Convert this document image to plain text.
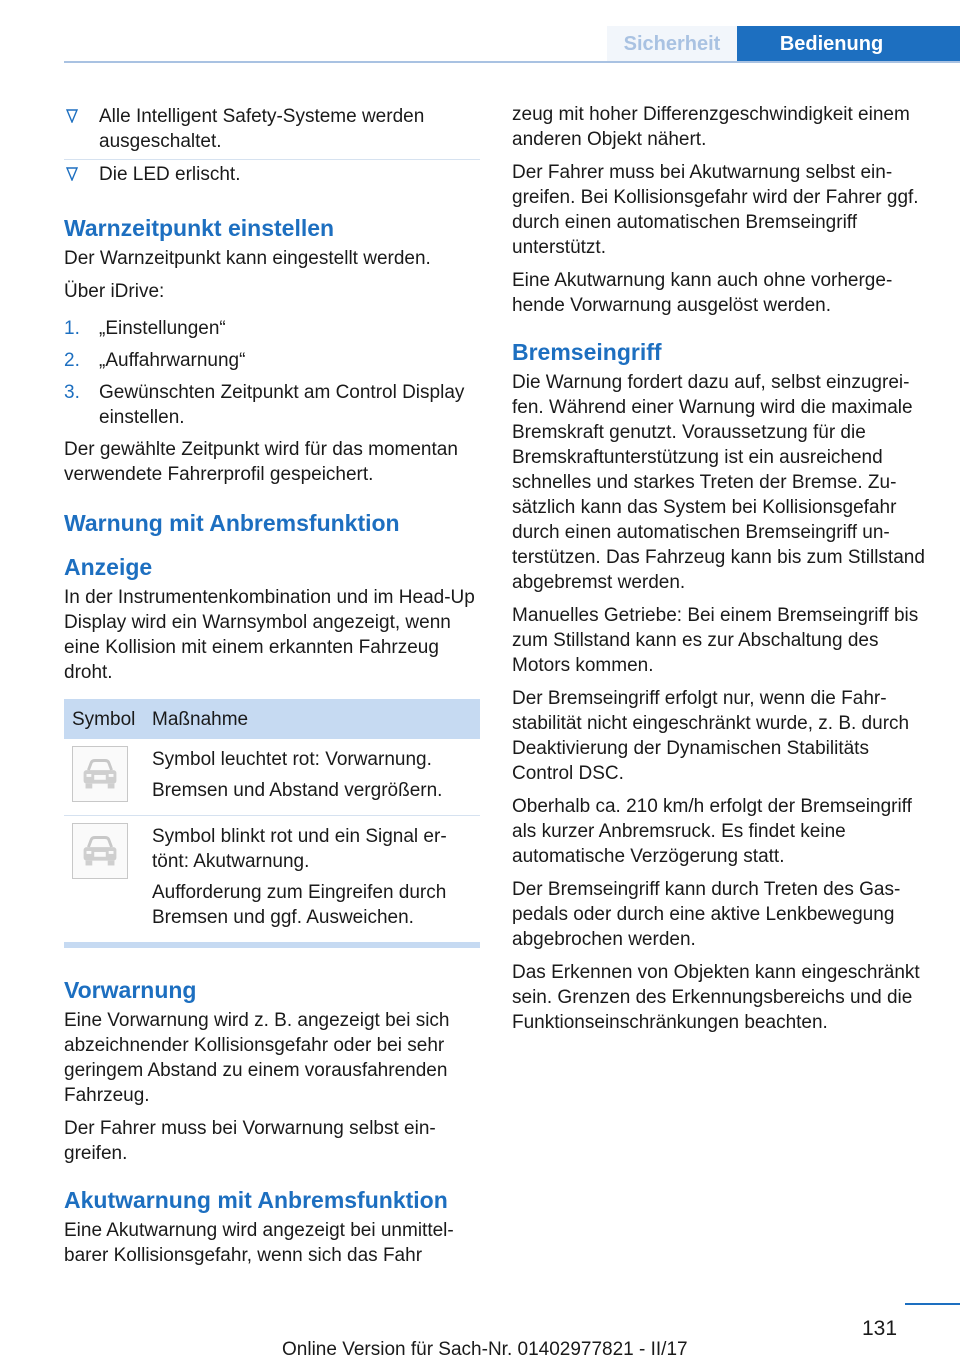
Sicherheit	Bedienung
Alle Intelligent Safety-Systeme werden ausgeschaltet.
Die LED erlischt.
Warnzeitpunkt einstellen

Der Warnzeitpunkt kann eingestellt werden.

Über iDrive:

1. „Einstellungen“
2. „Auffahrwarnung“
3. Gewünschten Zeitpunkt am Control Display einstellen.

Der gewählte Zeitpunkt wird für das momentan verwendete Fahrerprofil gespeichert.

Warnung mit Anbremsfunktion
Anzeige

In der Instrumentenkombination und im Head-Up Display wird ein Warnsymbol angezeigt, wenn eine Kollision mit einem erkannten Fahrzeug droht.

Symbol	Maßnahme

Symbol leuchtet rot: Vorwarnung.

Bremsen und Abstand vergrößern.

Symbol blinkt rot und ein Signal ertönt: Akutwarnung.

Aufforderung zum Eingreifen durch Bremsen und ggf. Ausweichen.

Vorwarnung

Eine Vorwarnung wird z. B. angezeigt bei sich abzeichnender Kollisionsgefahr oder bei sehr geringem Abstand zu einem vorausfahrenden Fahrzeug.

Der Fahrer muss bei Vorwarnung selbst eingreifen.

Akutwarnung mit Anbremsfunktion

Eine Akutwarnung wird angezeigt bei unmittelbarer Kollisionsgefahr, wenn sich das Fahr

zeug mit hoher Differenzgeschwindigkeit einem anderen Objekt nähert.

Der Fahrer muss bei Akutwarnung selbst eingreifen. Bei Kollisionsgefahr wird der Fahrer ggf. durch einen automatischen Bremseingriff unterstützt.

Eine Akutwarnung kann auch ohne vorhergehende Vorwarnung ausgelöst werden.

Bremseingriff

Die Warnung fordert dazu auf, selbst einzugreifen. Während einer Warnung wird die maximale Bremskraft genutzt. Voraussetzung für die Bremskraftunterstützung ist ein ausreichend schnelles und starkes Treten der Bremse. Zusätzlich kann das System bei Kollisionsgefahr durch einen automatischen Bremseingriff unterstützen. Das Fahrzeug kann bis zum Stillstand abgebremst werden.

Manuelles Getriebe: Bei einem Bremseingriff bis zum Stillstand kann es zur Abschaltung des Motors kommen.

Der Bremseingriff erfolgt nur, wenn die Fahrstabilität nicht eingeschränkt wurde, z. B. durch Deaktivierung der Dynamischen Stabilitäts Control DSC.

Oberhalb ca. 210 km/h erfolgt der Bremseingriff als kurzer Anbremsruck. Es findet keine automatische Verzögerung statt.

Der Bremseingriff kann durch Treten des Gaspedals oder durch eine aktive Lenkbewegung abgebrochen werden.

Das Erkennen von Objekten kann eingeschränkt sein. Grenzen des Erkennungsbereichs und die Funktionseinschränkungen beachten.

131
Online Version für Sach-Nr. 01402977821 - II/17
